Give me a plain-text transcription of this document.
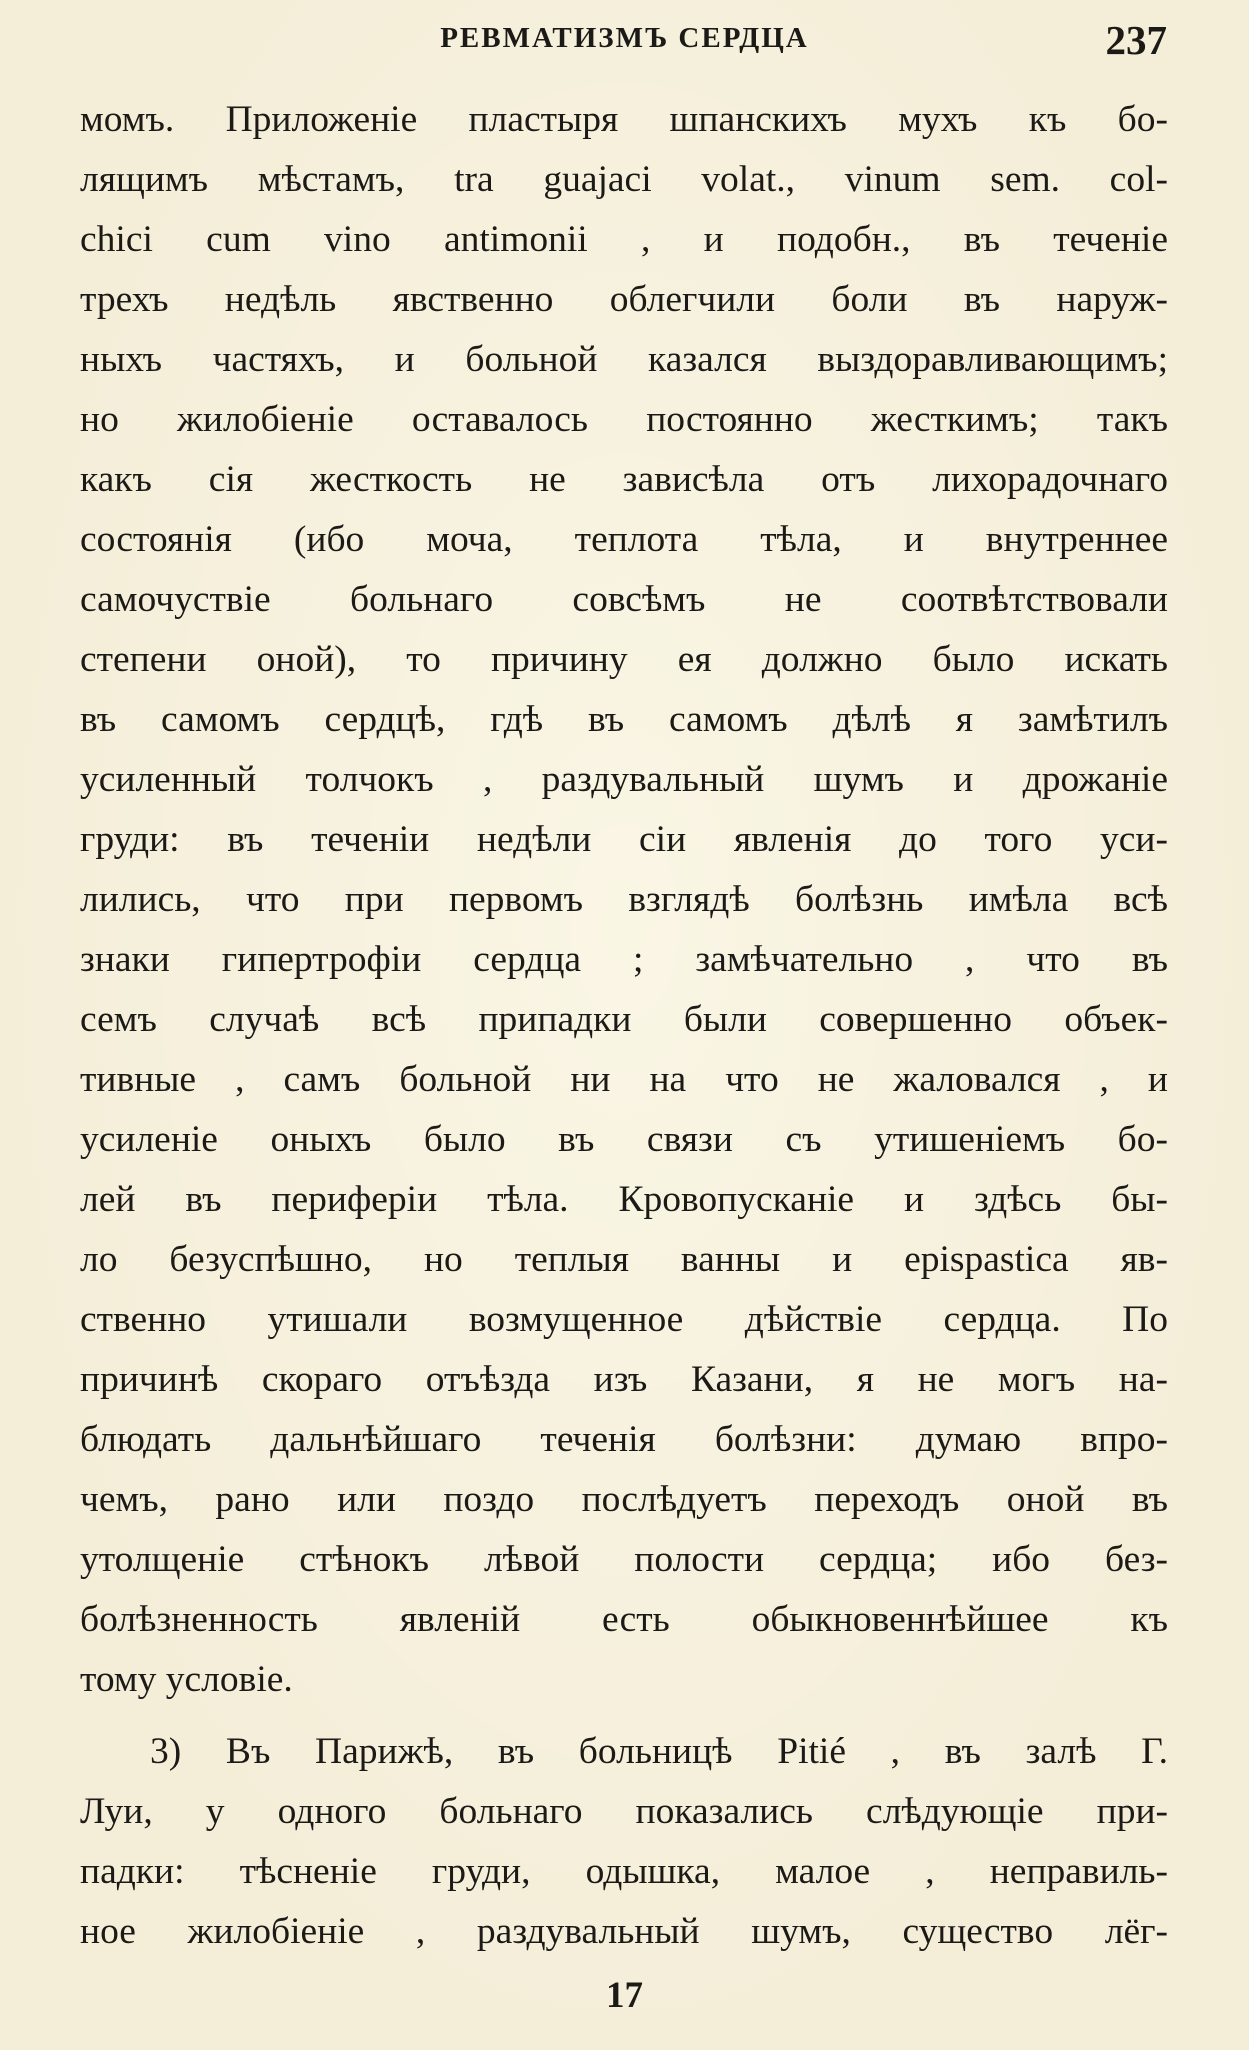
РЕВМАТИЗМЪ СЕРДЦА	237
момъ. Приложеніе пластыря шпанскихъ мухъ къ бо-
лящимъ мѣстамъ, tra guajaci volat., vinum sem. col-
chici cum vino antimonii , и подобн., въ теченіе
трехъ недѣль явственно облегчили боли въ наруж-
ныхъ частяхъ, и больной казался выздоравливающимъ;
но жилобіеніе оставалось постоянно жесткимъ; такъ
какъ сія жесткость не зависѣла отъ лихорадочнаго
состоянія (ибо моча, теплота тѣла, и внутреннее
самочуствіе больнаго совсѣмъ не соотвѣтствовали
степени оной), то причину ея должно было искать
въ самомъ сердцѣ, гдѣ въ самомъ дѣлѣ я замѣтилъ
усиленный толчокъ , раздувальный шумъ и дрожаніе
груди: въ теченіи недѣли сіи явленія до того уси-
лились, что при первомъ взглядѣ болѣзнь имѣла всѣ
знаки гипертрофіи сердца ; замѣчательно , что въ
семъ случаѣ всѣ припадки были совершенно объек-
тивные , самъ больной ни на что не жаловался , и
усиленіе оныхъ было въ связи съ утишеніемъ бо-
лей въ периферіи тѣла. Кровопусканіе и здѣсь бы-
ло безуспѣшно, но теплыя ванны и epispastica яв-
ственно утишали возмущенное дѣйствіе сердца. По
причинѣ скораго отъѣзда изъ Казани, я не могъ на-
блюдать дальнѣйшаго теченія болѣзни: думаю впро-
чемъ, рано или поздо послѣдуетъ переходъ оной въ
утолщеніе стѣнокъ лѣвой полости сердца; ибо без-
болѣзненность явленій есть обыкновеннѣйшее къ
тому условіе.
3) Въ Парижѣ, въ больницѣ Pitié , въ залѣ Г.
Луи, у одного больнаго показались слѣдующіе при-
падки: тѣсненіе груди, одышка, малое , неправиль-
ное жилобіеніе , раздувальный шумъ, существо лёг-
17
